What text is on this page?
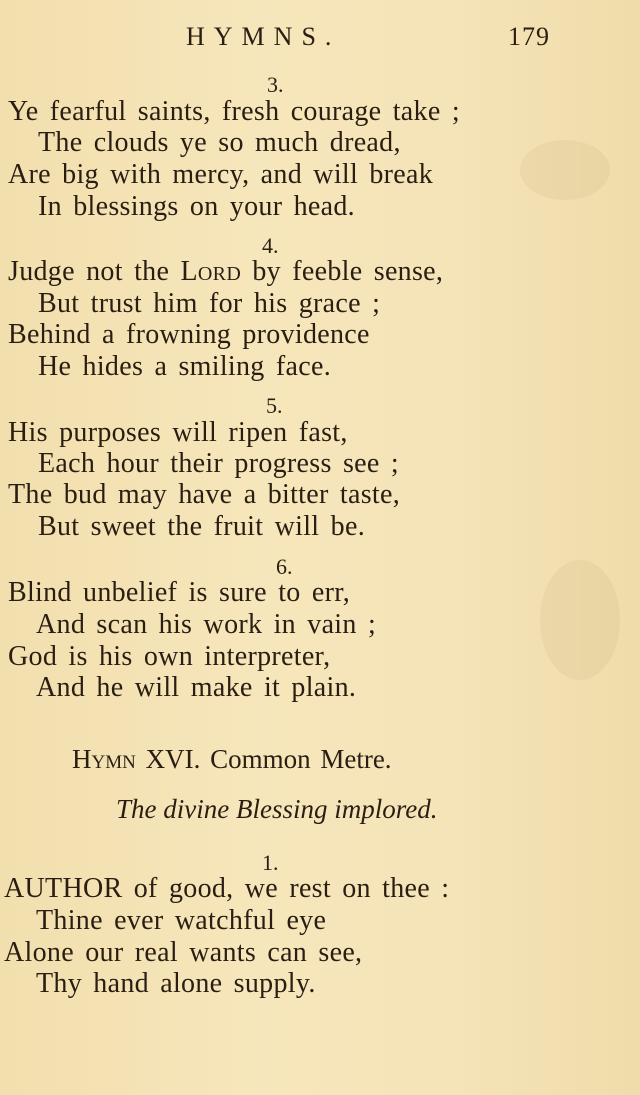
HYMNS.	179
3.
Ye fearful saints, fresh courage take ;
The clouds ye so much dread,
Are big with mercy, and will break
In blessings on your head.
4.
Judge not the Lord by feeble sense,
But trust him for his grace ;
Behind a frowning providence
He hides a smiling face.
5.
His purposes will ripen fast,
Each hour their progress see ;
The bud may have a bitter taste,
But sweet the fruit will be.
6.
Blind unbelief is sure to err,
And scan his work in vain ;
God is his own interpreter,
And he will make it plain.
Hymn XVI. Common Metre.
The divine Blessing implored.
1.
AUTHOR of good, we rest on thee :
Thine ever watchful eye
Alone our real wants can see,
Thy hand alone supply.
